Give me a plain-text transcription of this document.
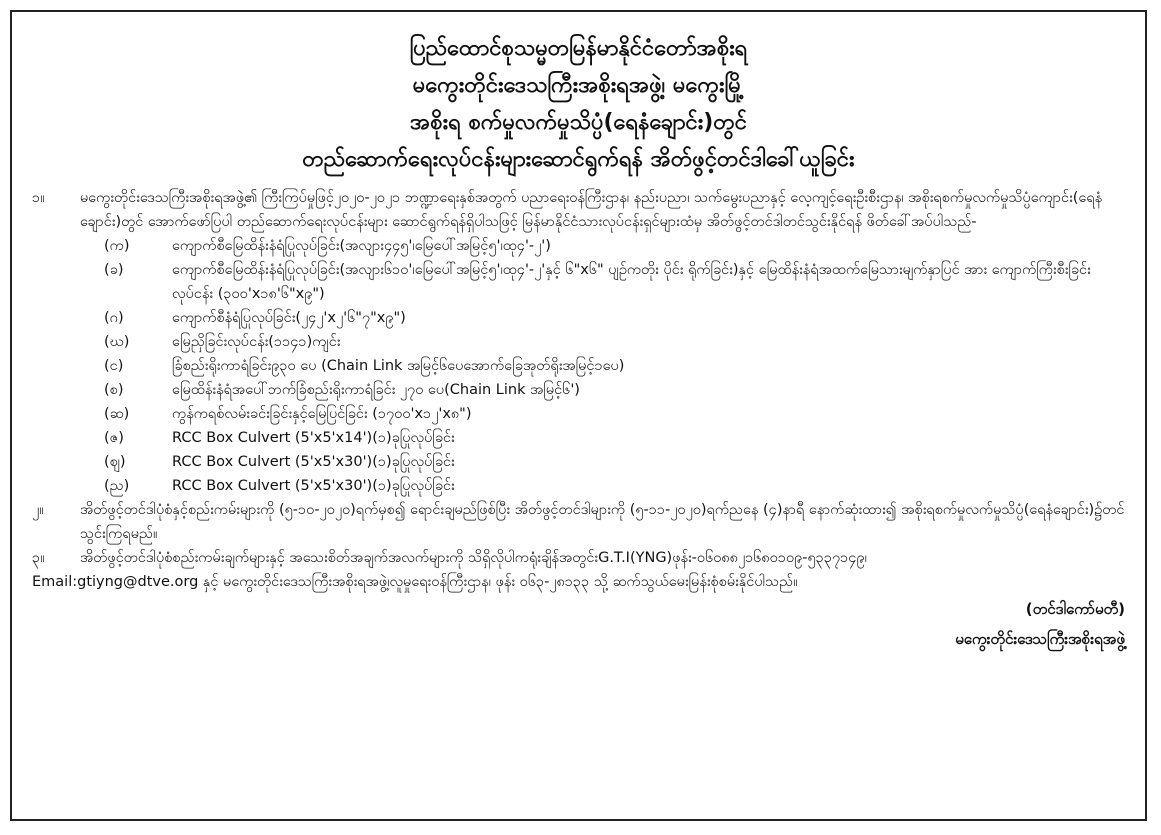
ပြည်ထောင်စုသမ္မတမြန်မာနိုင်ငံတော်အစိုးရ
မကွေးတိုင်းဒေသကြီးအစိုးရအဖွဲ့၊ မကွေးမြို့
အစိုးရ စက်မှုလက်မှုသိပ္ပံ(ရေနံချောင်း)တွင်
တည်ဆောက်ရေးလုပ်ငန်းများဆောင်ရွက်ရန် အိတ်ဖွင့်တင်ဒါခေါ်ယူခြင်း
၁။	မကွေးတိုင်းဒေသကြီးအစိုးရအဖွဲ့၏ ကြီးကြပ်မှုဖြင့်၂၀၂၀-၂၀၂၁ ဘဏ္ဍာရေးနှစ်အတွက် ပညာရေးဝန်ကြီးဌာန၊ နည်းပညာ၊ သက်မွေးပညာနှင့် လေ့ကျင့်ရေးဦးစီးဌာန၊ အစိုးရစက်မှုလက်မှုသိပ္ပံကျောင်း(ရေနံချောင်း)တွင် အောက်ဖော်ပြပါ တည်ဆောက်ရေးလုပ်ငန်းများ ဆောင်ရွက်ရန်ရှိပါသဖြင့် မြန်မာနိုင်ငံသားလုပ်ငန်းရှင်များထံမှ အိတ်ဖွင့်တင်ဒါတင်သွင်းနိုင်ရန် ဖိတ်ခေါ်အပ်ပါသည်-
(က)	ကျောက်စီမြေထိန်းနံရံပြုလုပ်ခြင်း(အလျား၄၄၅'၊မြေပေါ်အမြင့်၅'၊ထု၄'-၂')
(ခ)	ကျောက်စီမြေထိန်းနံရံပြုလုပ်ခြင်း(အလျား၆၁၀'၊မြေပေါ်အမြင့်၅'၊ထု၄'-၂'နှင့် ၆"x၆" ပျဉ်ကတိုး ပိုင်း ရိုက်ခြင်း)နှင့် မြေထိန်းနံရံအထက်မြေသားမျက်နှာပြင် အား ကျောက်ကြီးစီးခြင်းလုပ်ငန်း (၃၀၀'x၁၈'၆"x၉")
(ဂ)	ကျောက်စီနံရံပြုလုပ်ခြင်း(၂၄၂'x၂'၆"၇"x၉")
(ဃ)	မြေညှိခြင်းလုပ်ငန်း(၁၁၄၁)ကျင်း
(င)	ခြံစည်းရိုးကာရံခြင်း၉၃၀ ပေ (Chain Link အမြင့်၆ပေအောက်ခြေအုတ်ရိုးအမြင့်၁ပေ)
(စ)	မြေထိန်းနံရံအပေါ်ဘက်ခြံစည်းရိုးကာရံခြင်း ၂၇၀ ပေ(Chain Link အမြင့်၆')
(ဆ)	ကွန်ကရစ်လမ်းခင်းခြင်းနှင့်မြေပြင်ခြင်း (၁၇၀၀'x၁၂'x၈")
(ဇ)	RCC Box Culvert (5'x5'x14')(၁)ခုပြုလုပ်ခြင်း
(ဈ)	RCC Box Culvert (5'x5'x30')(၁)ခုပြုလုပ်ခြင်း
(ည)	RCC Box Culvert (5'x5'x30')(၁)ခုပြုလုပ်ခြင်း
၂။	အိတ်ဖွင့်တင်ဒါပုံစံနှင့်စည်းကမ်းများကို (၅-၁၀-၂၀၂၀)ရက်မှစ၍ ရောင်းချမည်ဖြစ်ပြီး အိတ်ဖွင့်တင်ဒါများကို (၅-၁၁-၂၀၂၀)ရက်ညနေ (၄)နာရီ နောက်ဆုံးထား၍ အစိုးရစက်မှုလက်မှုသိပ္ပံ(ရေနံချောင်း)၌တင်သွင်းကြရမည်။
၃။	အိတ်ဖွင့်တင်ဒါပုံစံစည်းကမ်းချက်များနှင့် အသေးစိတ်အချက်အလက်များကို သိရှိလိုပါကရုံးချိန်အတွင်းG.T.I(YNG)ဖုန်း-၀၆၀၈၈၂၁၆၈၀၁၀၉-၅၃၃၇၁၄၉၊
Email:gtiyng@dtve.org နှင့် မကွေးတိုင်းဒေသကြီးအစိုးရအဖွဲ့၊လူမှုရေးဝန်ကြီးဌာန၊ ဖုန်း ၀၆၃-၂၈၁၃၃ သို့ ဆက်သွယ်မေးမြန်းစုံစမ်းနိုင်ပါသည်။
(တင်ဒါကော်မတီ)
မကွေးတိုင်းဒေသကြီးအစိုးရအဖွဲ့
